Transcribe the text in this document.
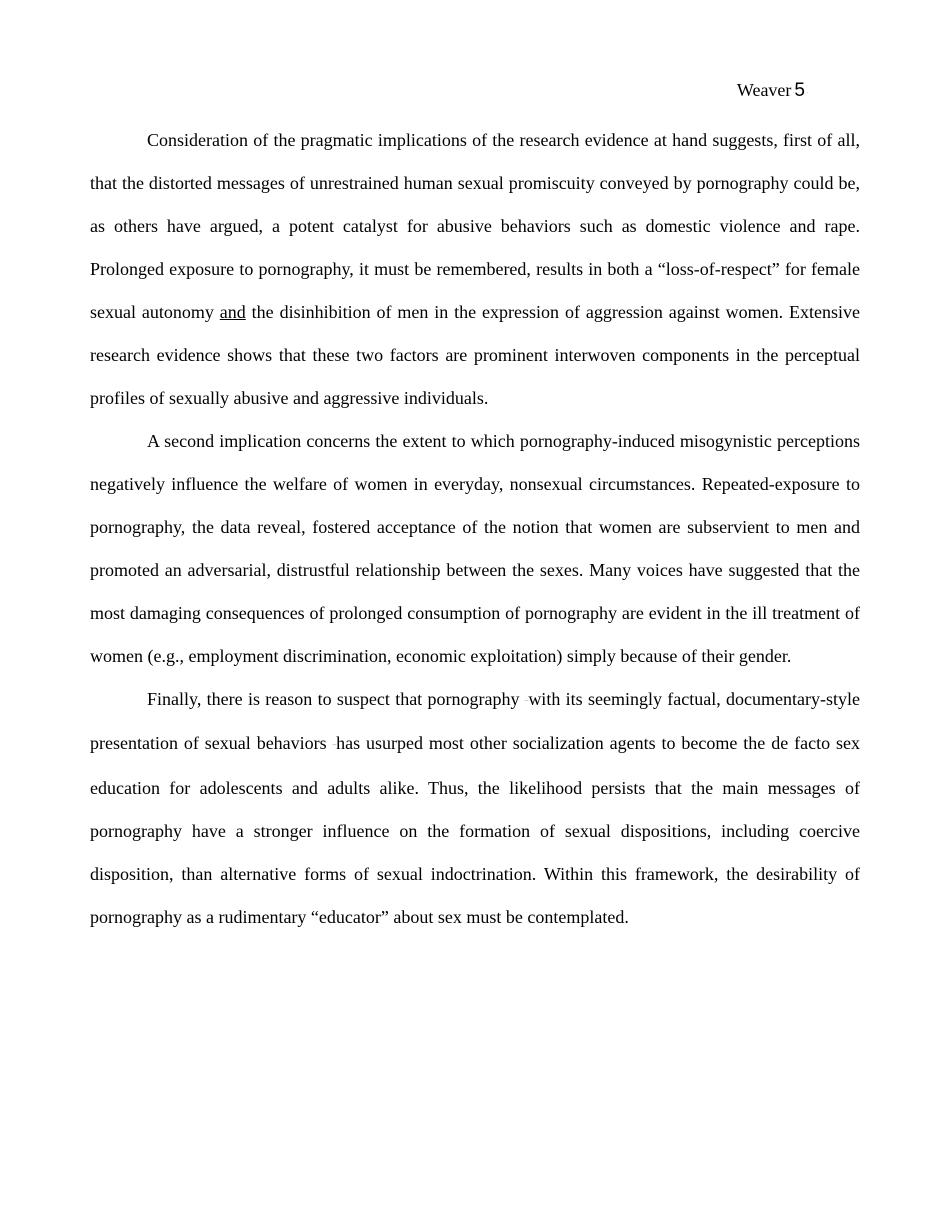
Weaver .5 .

Consideration of the pragmatic implications of the research evidence at hand suggests, first of all, that the distorted messages of unrestrained human sexual promiscuity conveyed by pornography could be, as others have argued, a potent catalyst for abusive behaviors such as domestic violence and rape. Prolonged exposure to pornography, it must be remembered, results in both a “loss-of-respect” for female sexual autonomy and the disinhibition of men in the expression of aggression against women. Extensive research evidence shows that these two factors are prominent interwoven components in the perceptual profiles of sexually abusive and aggressive individuals.

A second implication concerns the extent to which pornography-induced misogynistic perceptions negatively influence the welfare of women in everyday, nonsexual circumstances. Repeated-exposure to pornography, the data reveal, fostered acceptance of the notion that women are subservient to men and promoted an adversarial, distrustful relationship between the sexes. Many voices have suggested that the most damaging consequences of prolonged consumption of pornography are evident in the ill treatment of women (e.g., employment discrimination, economic exploitation) simply because of their gender.

Finally, there is reason to suspect that pornography –with its seemingly factual, documentary-style presentation of sexual behaviors –has usurped most other socialization agents to become the de facto sex education for adolescents and adults alike. Thus, the likelihood persists that the main messages of pornography have a stronger influence on the formation of sexual dispositions, including coercive disposition, than alternative forms of sexual indoctrination. Within this framework, the desirability of pornography as a rudimentary “educator” about sex must be contemplated.
